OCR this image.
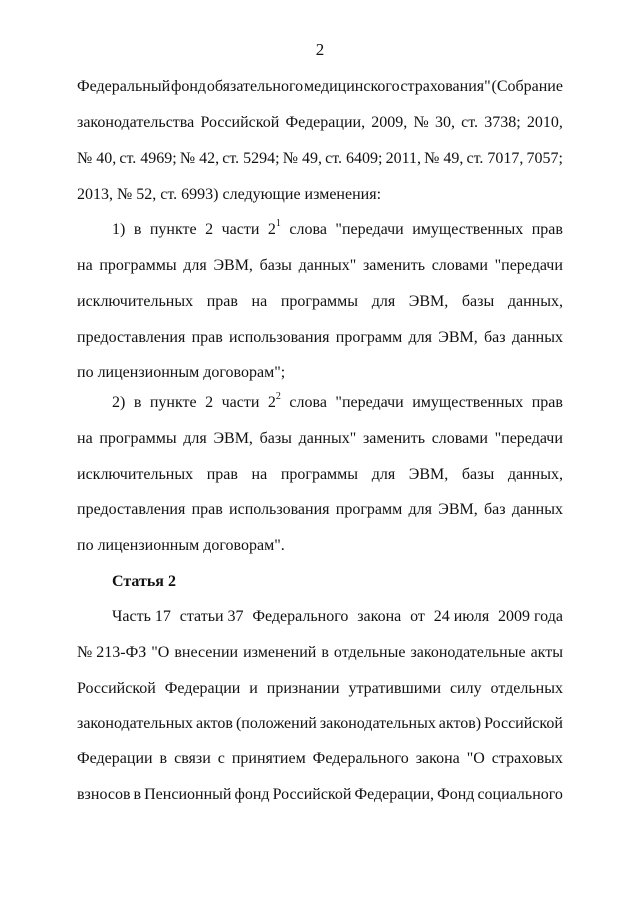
2
Федеральный фонд обязательного медицинского страхования" (Собрание
законодательства Российской Федерации, 2009, № 30, ст. 3738; 2010,
№ 40, ст. 4969; № 42, ст. 5294; № 49, ст. 6409; 2011, № 49, ст. 7017, 7057;
2013, № 52, ст. 6993) следующие изменения:
1) в пункте 2 части $2^1$ слова "передачи имущественных прав
на программы для ЭВМ, базы данных" заменить словами "передачи
исключительных прав на программы для ЭВМ, базы данных,
предоставления прав использования программ для ЭВМ, баз данных
по лицензионным договорам";
2) в пункте 2 части $2^2$ слова "передачи имущественных прав
на программы для ЭВМ, базы данных" заменить словами "передачи
исключительных прав на программы для ЭВМ, базы данных,
предоставления прав использования программ для ЭВМ, баз данных
по лицензионным договорам".
Статья 2
Часть 17 статьи 37 Федерального закона от 24 июля 2009 года
№ 213-ФЗ "О внесении изменений в отдельные законодательные акты
Российской Федерации и признании утратившими силу отдельных
законодательных актов (положений законодательных актов) Российской
Федерации в связи с принятием Федерального закона "О страховых
взносов в Пенсионный фонд Российской Федерации, Фонд социального
